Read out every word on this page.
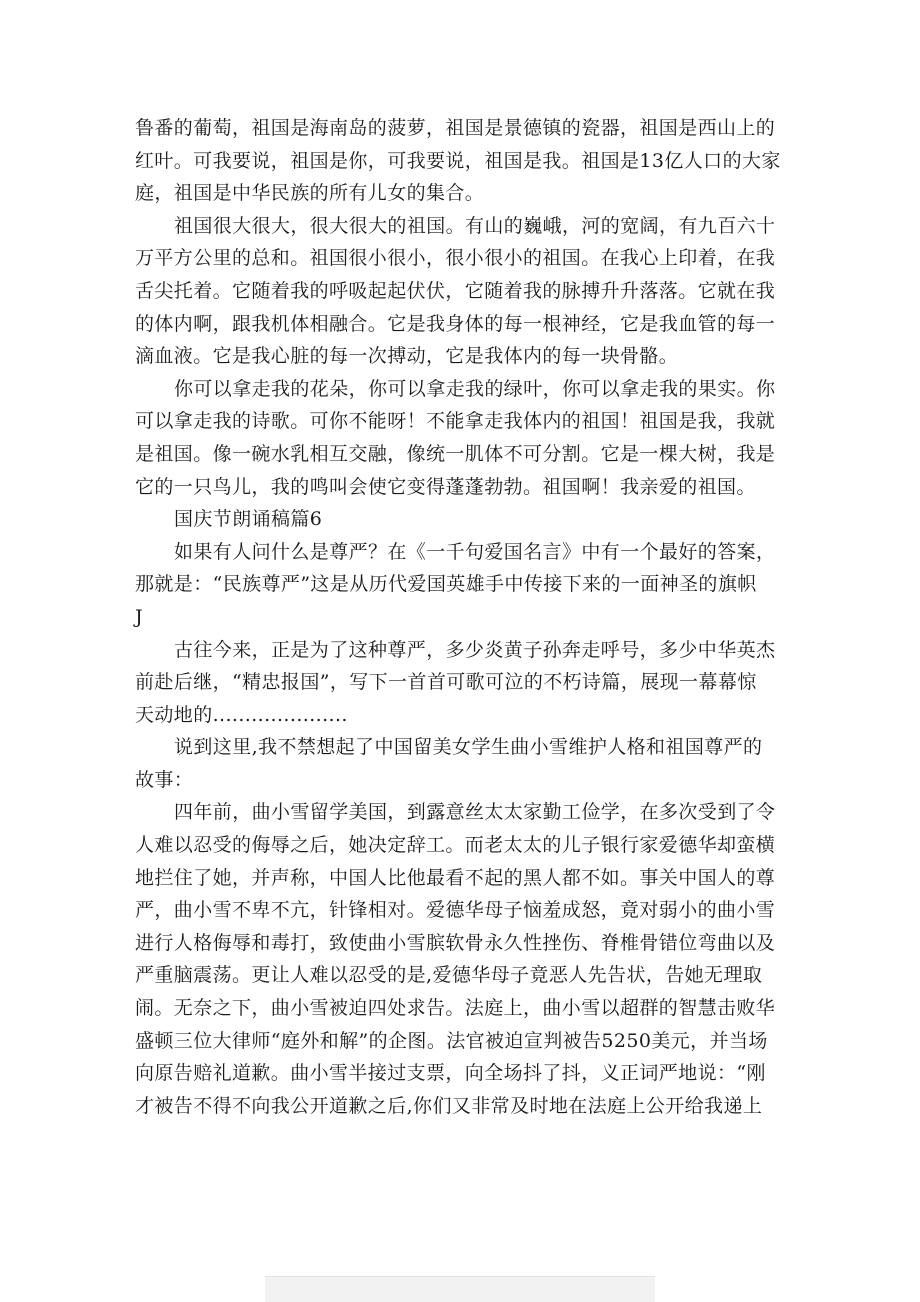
鲁番的葡萄，祖国是海南岛的菠萝，祖国是景德镇的瓷器，祖国是西山上的
红叶。可我要说，祖国是你，可我要说，祖国是我。祖国是13亿人口的大家
庭，祖国是中华民族的所有儿女的集合。
祖国很大很大，很大很大的祖国。有山的巍峨，河的宽阔，有九百六十
万平方公里的总和。祖国很小很小，很小很小的祖国。在我心上印着，在我
舌尖托着。它随着我的呼吸起起伏伏，它随着我的脉搏升升落落。它就在我
的体内啊，跟我机体相融合。它是我身体的每一根神经，它是我血管的每一
滴血液。它是我心脏的每一次搏动，它是我体内的每一块骨骼。
你可以拿走我的花朵，你可以拿走我的绿叶，你可以拿走我的果实。你
可以拿走我的诗歌。可你不能呀！不能拿走我体内的祖国！祖国是我，我就
是祖国。像一碗水乳相互交融，像统一肌体不可分割。它是一棵大树，我是
它的一只鸟儿，我的鸣叫会使它变得蓬蓬勃勃。祖国啊！我亲爱的祖国。
国庆节朗诵稿篇6
如果有人问什么是尊严？在《一千句爱国名言》中有一个最好的答案，
那就是：“民族尊严”这是从历代爱国英雄手中传接下来的一面神圣的旗帜
J
古往今来，正是为了这种尊严，多少炎黄子孙奔走呼号，多少中华英杰
前赴后继，“精忠报国”，写下一首首可歌可泣的不朽诗篇，展现一幕幕惊
天动地的.....................
说到这里,我不禁想起了中国留美女学生曲小雪维护人格和祖国尊严的
故事：
四年前，曲小雪留学美国，到露意丝太太家勤工俭学，在多次受到了令
人难以忍受的侮辱之后，她决定辞工。而老太太的儿子银行家爱德华却蛮横
地拦住了她，并声称，中国人比他最看不起的黑人都不如。事关中国人的尊
严，曲小雪不卑不亢，针锋相对。爱德华母子恼羞成怒，竟对弱小的曲小雪
进行人格侮辱和毒打，致使曲小雪膑软骨永久性挫伤、脊椎骨错位弯曲以及
严重脑震荡。更让人难以忍受的是,爱德华母子竟恶人先告状，告她无理取
闹。无奈之下，曲小雪被迫四处求告。法庭上，曲小雪以超群的智慧击败华
盛顿三位大律师“庭外和解”的企图。法官被迫宣判被告5250美元，并当场
向原告赔礼道歉。曲小雪半接过支票，向全场抖了抖，义正词严地说：“刚
才被告不得不向我公开道歉之后,你们又非常及时地在法庭上公开给我递上
